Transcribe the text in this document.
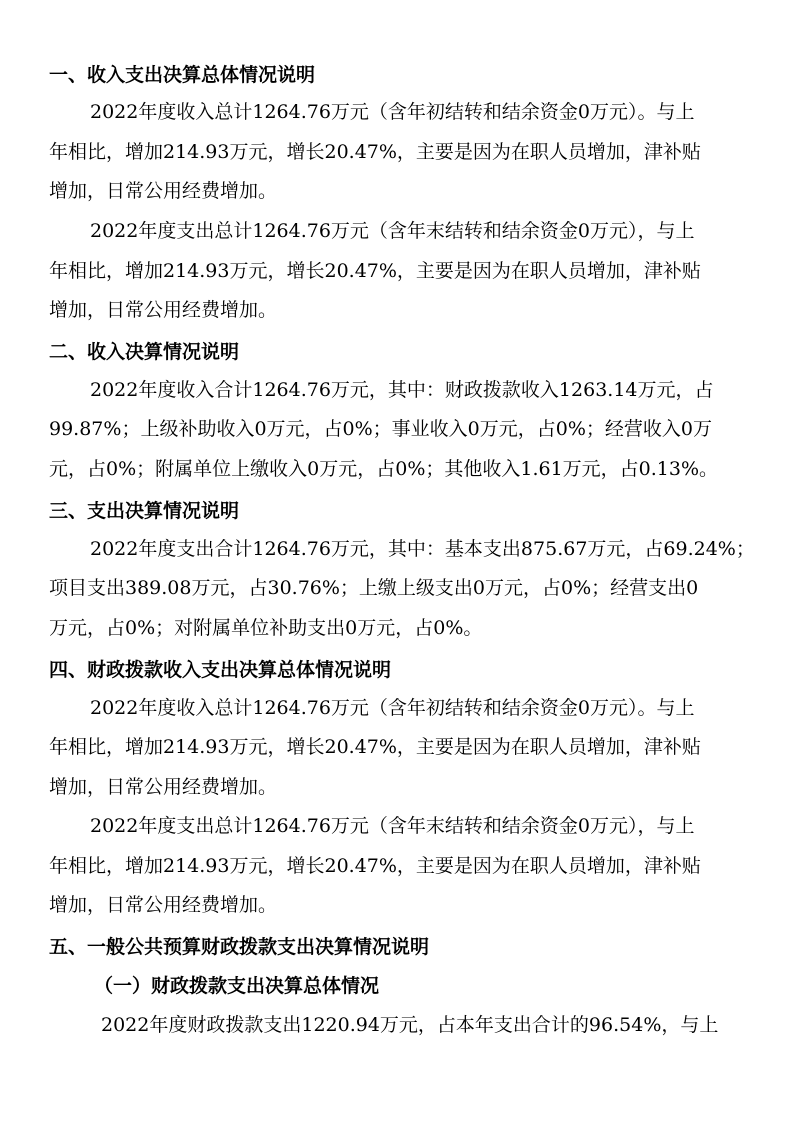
一、收入支出决算总体情况说明
2022年度收入总计1264.76万元（含年初结转和结余资金0万元）。与上
年相比，增加214.93万元，增长20.47%，主要是因为在职人员增加，津补贴
增加，日常公用经费增加。
2022年度支出总计1264.76万元（含年末结转和结余资金0万元），与上
年相比，增加214.93万元，增长20.47%，主要是因为在职人员增加，津补贴
增加，日常公用经费增加。
二、收入决算情况说明
2022年度收入合计1264.76万元，其中：财政拨款收入1263.14万元，占
99.87%；上级补助收入0万元，占0%；事业收入0万元，占0%；经营收入0万
元，占0%；附属单位上缴收入0万元，占0%；其他收入1.61万元，占0.13%。
三、支出决算情况说明
2022年度支出合计1264.76万元，其中：基本支出875.67万元，占69.24%；
项目支出389.08万元，占30.76%；上缴上级支出0万元，占0%；经营支出0
万元，占0%；对附属单位补助支出0万元，占0%。
四、财政拨款收入支出决算总体情况说明
2022年度收入总计1264.76万元（含年初结转和结余资金0万元）。与上
年相比，增加214.93万元，增长20.47%，主要是因为在职人员增加，津补贴
增加，日常公用经费增加。
2022年度支出总计1264.76万元（含年末结转和结余资金0万元），与上
年相比，增加214.93万元，增长20.47%，主要是因为在职人员增加，津补贴
增加，日常公用经费增加。
五、一般公共预算财政拨款支出决算情况说明
（一）财政拨款支出决算总体情况
2022年度财政拨款支出1220.94万元，占本年支出合计的96.54%，与上
